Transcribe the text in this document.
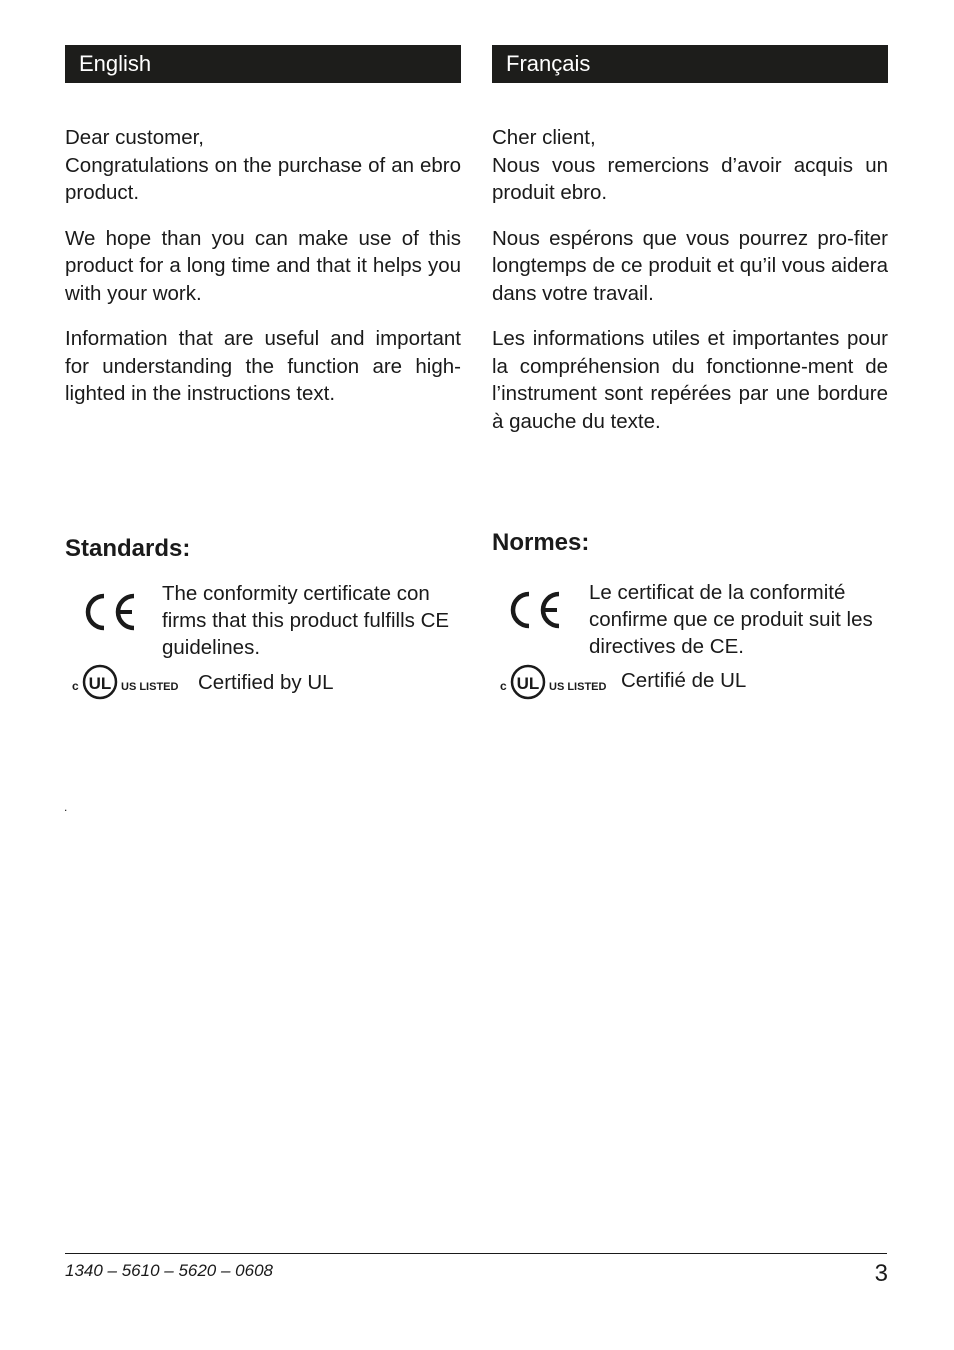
English
Dear customer,
Congratulations on the purchase of an ebro product.
We hope than you can make use of this product for a long time and that it helps you with your work.
Information that are useful and important for understanding the function are high-lighted in the instructions text.
Français
Cher client,
Nous vous remercions d’avoir acquis un produit ebro.
Nous espérons que vous pourrez pro-fiter longtemps de ce produit et qu’il vous aidera dans votre travail.
Les informations utiles et importantes pour la compréhension du fonctionne-ment de l’instrument sont repérées par une bordure à gauche du texte.
Standards:
The conformity certificate con firms that this product fulfills CE guidelines.
c UL US LISTED Certified by UL
Normes:
Le certificat de la conformité confirme que ce produit suit les directives de CE.
c UL US LISTED Certifié de UL
.
1340 – 5610 – 5620 – 0608	3
